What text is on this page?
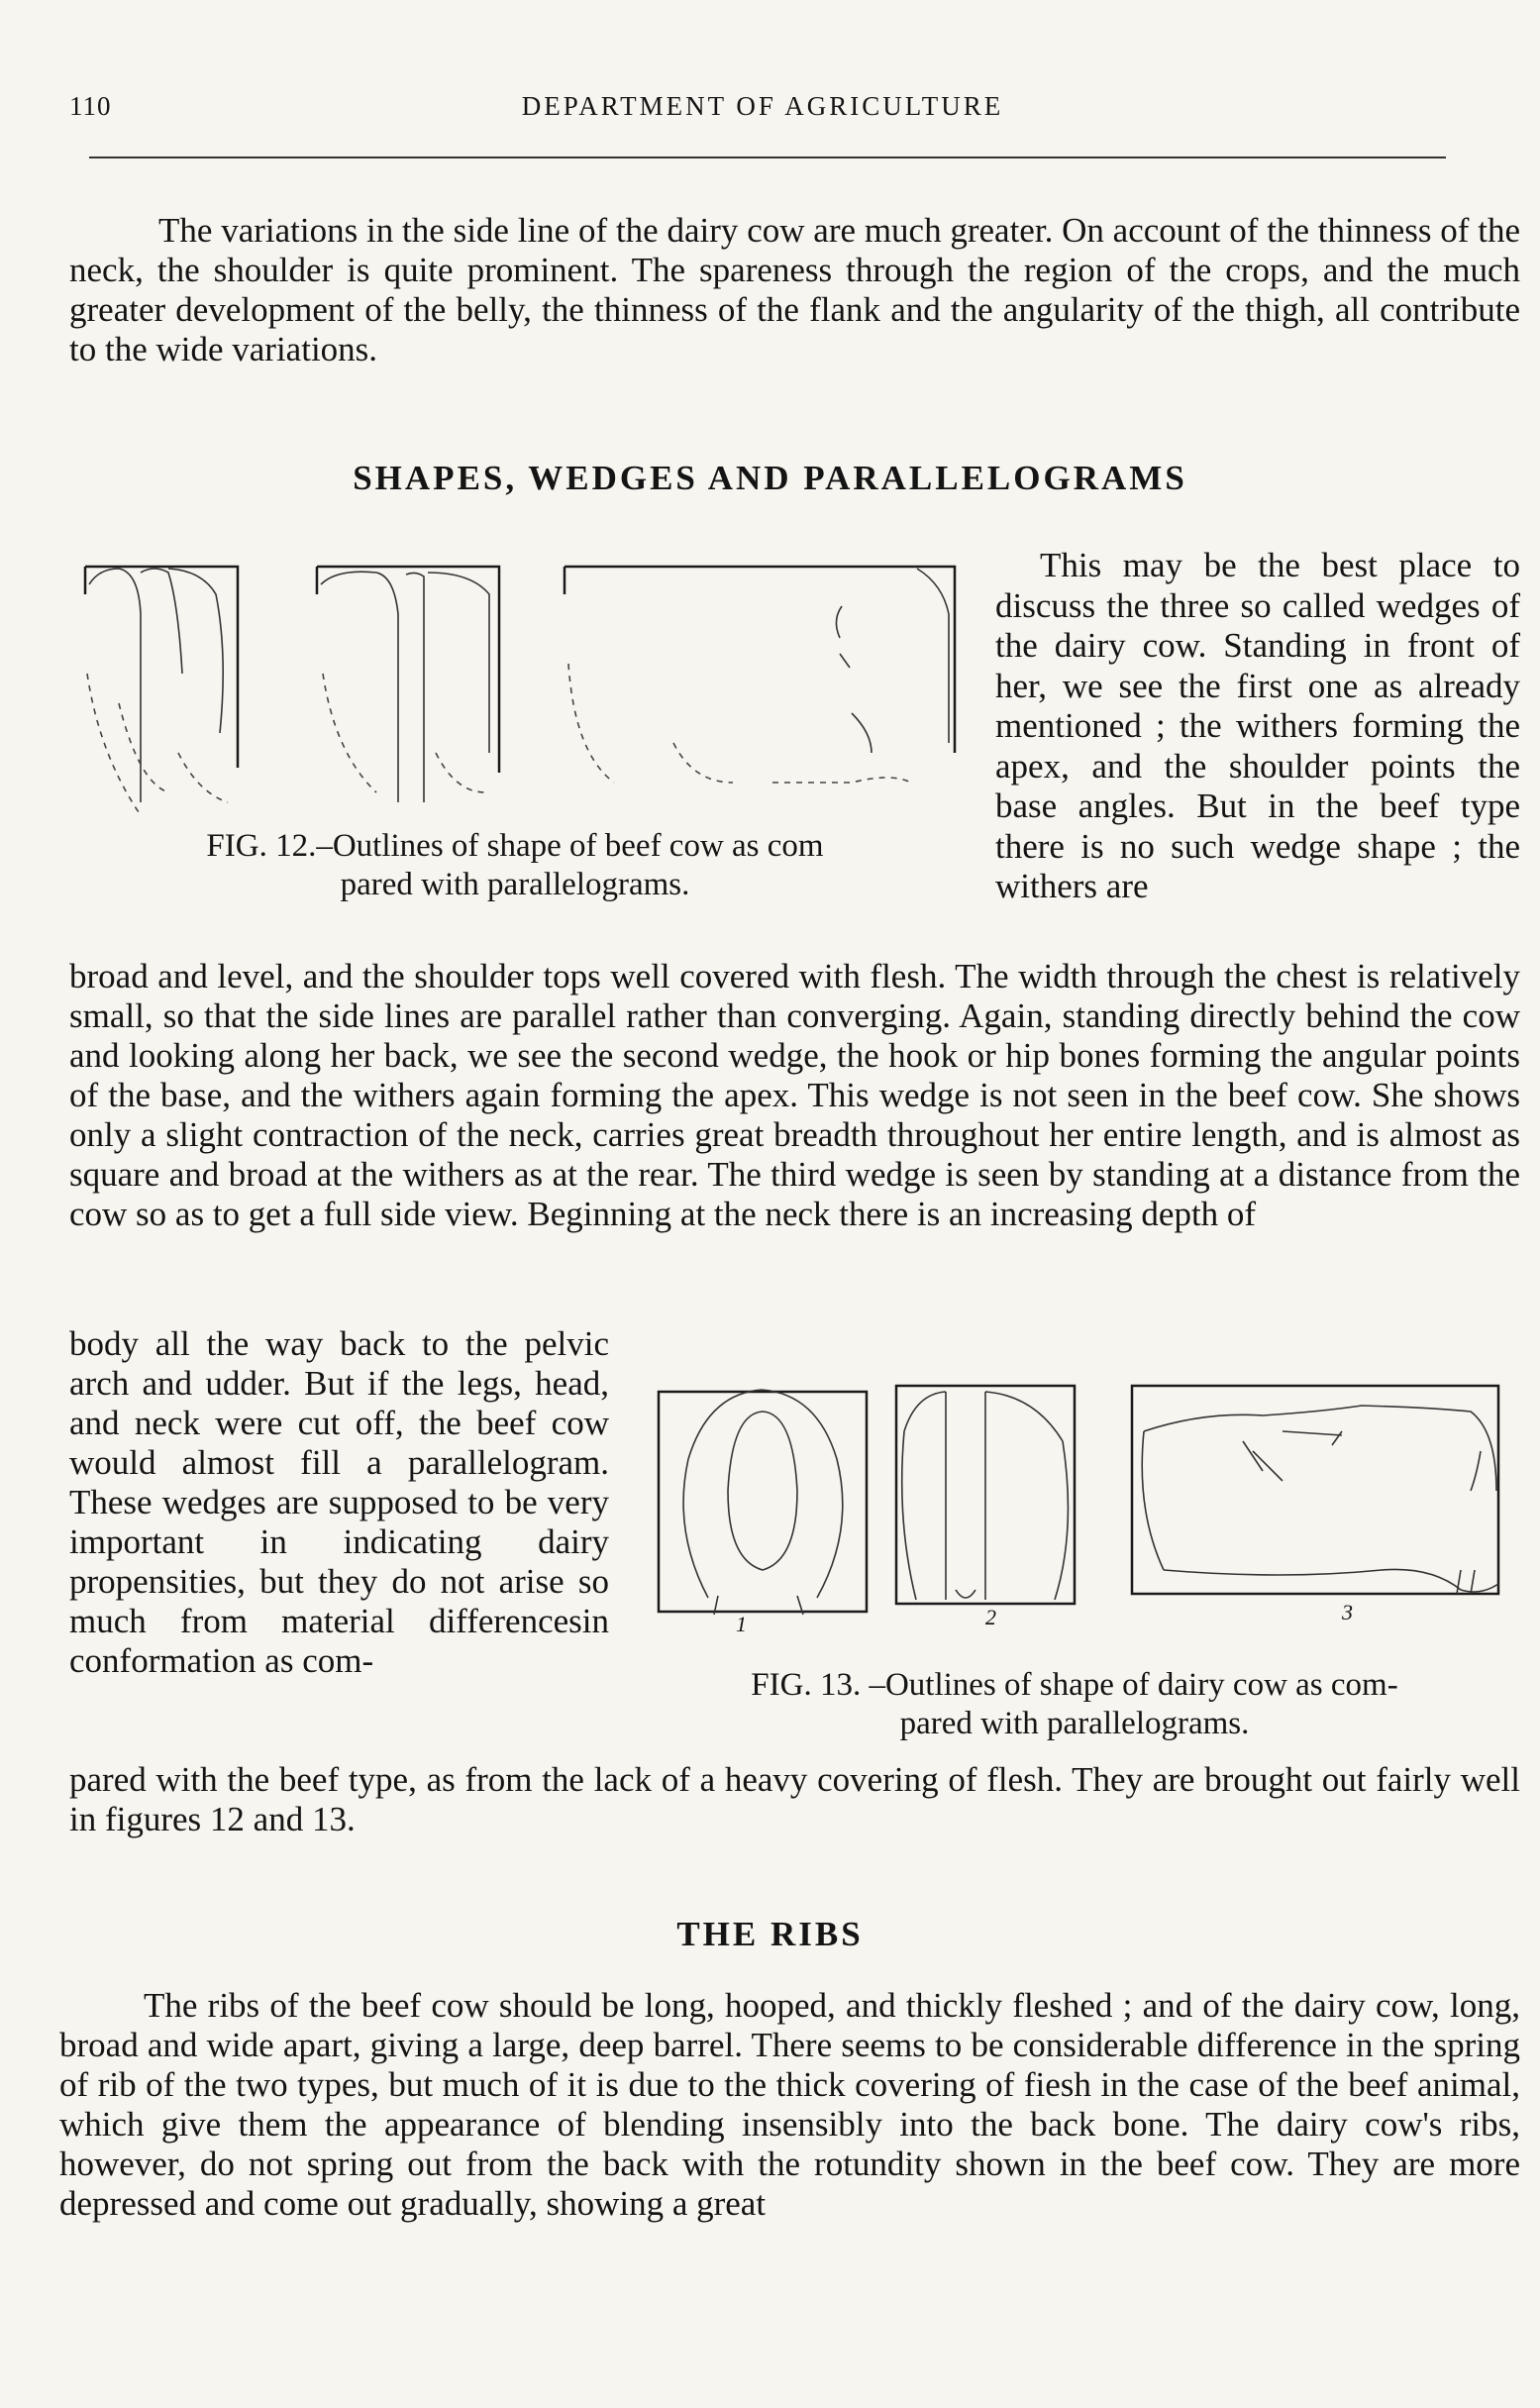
110	DEPARTMENT OF AGRICULTURE

The variations in the side line of the dairy cow are much greater. On account of the thinness of the neck, the shoulder is quite prominent. The spareness through the region of the crops, and the much greater development of the belly, the thinness of the flank and the angularity of the thigh, all contribute to the wide variations.

SHAPES, WEDGES AND PARALLELOGRAMS

FIG. 12.–Outlines of shape of beef cow as com
pared with parallelograms.

This may be the best place to discuss the three so called wedges of the dairy cow. Standing in front of her, we see the first one as already mentioned ; the withers forming the apex, and the shoulder points the base angles. But in the beef type there is no such wedge shape ; the withers are

broad and level, and the shoulder tops well covered with flesh. The width through the chest is relatively small, so that the side lines are parallel rather than converging. Again, standing directly behind the cow and looking along her back, we see the second wedge, the hook or hip bones forming the angular points of the base, and the withers again forming the apex. This wedge is not seen in the beef cow. She shows only a slight contraction of the neck, carries great breadth throughout her entire length, and is almost as square and broad at the withers as at the rear. The third wedge is seen by standing at a distance from the cow so as to get a full side view. Beginning at the neck there is an increasing depth of

body all the way back to the pelvic arch and udder. But if the legs, head, and neck were cut off, the beef cow would almost fill a parallelogram. These wedges are supposed to be very important in indicating dairy propensities, but they do not arise so much from material differencesin conformation as com-

1	2	3

FIG. 13. –Outlines of shape of dairy cow as com-
pared with parallelograms.

pared with the beef type, as from the lack of a heavy covering of flesh. They are brought out fairly well in figures 12 and 13.

THE RIBS

The ribs of the beef cow should be long, hooped, and thickly fleshed ; and of the dairy cow, long, broad and wide apart, giving a large, deep barrel. There seems to be considerable difference in the spring of rib of the two types, but much of it is due to the thick covering of fiesh in the case of the beef animal, which give them the appearance of blending insensibly into the back bone. The dairy cow's ribs, however, do not spring out from the back with the rotundity shown in the beef cow. They are more depressed and come out gradually, showing a great
